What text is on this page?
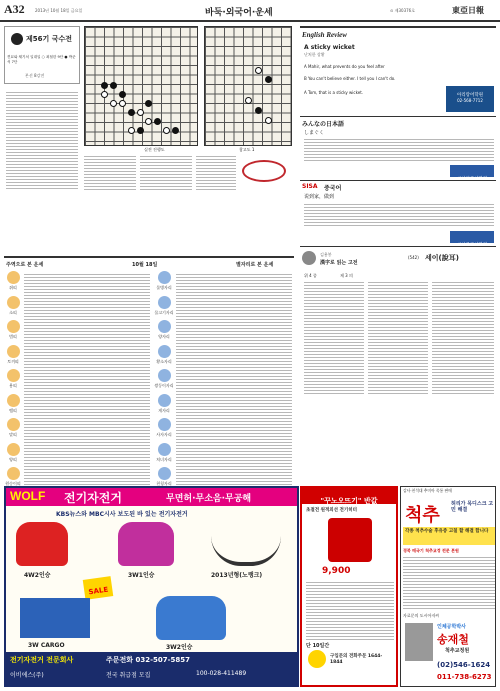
A32	2013년 10월 18일 금요일	바둑·외국어·운세	⊙ 제30376호	東亞日報
제56기 국수전
견묘와 채기처 일대일 ○ 최철한 9단 ● 박준석 7단
본선 8강전
실전 진행도	참고도 1
English Review
A sticky wicket
난처한 상황
A Mahir, what prevents do you feel after
B You can't believe either. I tell you I can't do.
A Tom, that is a sticky wicket.
아리랑어학원
02-568-7712
みんなの日本語
しまぐく
시사일본어학원
SISA 중국어
说到家，做到
시사중국어학원
주역으로 본 운세	10월 18일	별자리로 본 운세
쥐띠
소띠
범띠
토끼띠
용띠
뱀띠
말띠
양띠
원숭이띠
물병자리
물고기자리
양자리
황소자리
쌍둥이자리
게자리
사자자리
처녀자리
천칭자리
김용봉
漢字로 읽는 고전
(542) 세이(說耳)
위 4 종	제 3 의
WOLF 전기자전거	무면허·무소음·무공해
KBS뉴스와 MBC시사 보도된 바 있는 전기자전거
4W2인승	3W1인승	2013년형(노랭크)
SALE
3W CARGO	3W2인승
전기자전거 전문회사	주문전화 032-507-5857
이비에스(주)	전국 취급점 모집	100-028-411489
"꾸노오뜨기" 반값
초절전 원적외선 전기히터
9,900
단 10일간
구입문의 전화주문 1644-1844
감사·천석대 추미아 목통 판매
척추
허리가 목디스크 고민 해결
각종 척추수술 후유증 고칠 할 해결 합니다
경북 매국기 척추교정 전문 본원
자료문의 도시아저씨
인체공학박사
송재철
척추교정원
(02)546-1624
011-738-6273
